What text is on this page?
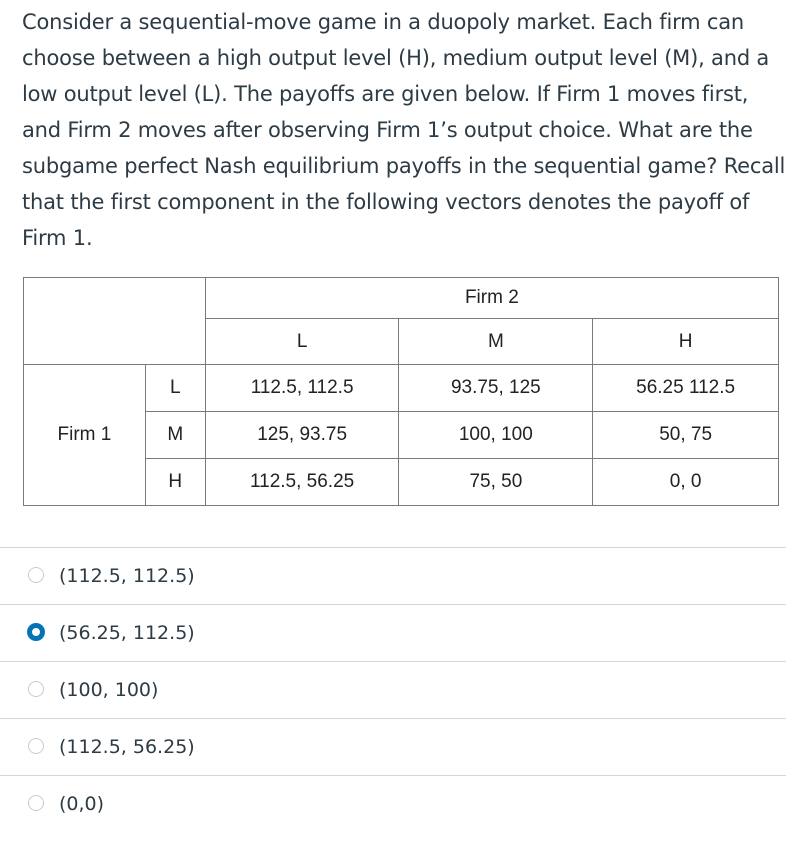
Consider a sequential-move game in a duopoly market. Each firm can choose between a high output level (H), medium output level (M), and a low output level (L). The payoffs are given below. If Firm 1 moves first, and Firm 2 moves after observing Firm 1’s output choice. What are the subgame perfect Nash equilibrium payoffs in the sequential game? Recall that the first component in the following vectors denotes the payoff of Firm 1.
		Firm 2		
		L	M	H
Firm 1	L	112.5, 112.5	93.75, 125	56.25 112.5
	M	125, 93.75	100, 100	50, 75
	H	112.5, 56.25	75, 50	0, 0
(112.5, 112.5)
(56.25, 112.5)
(100, 100)
(112.5, 56.25)
(0,0)
